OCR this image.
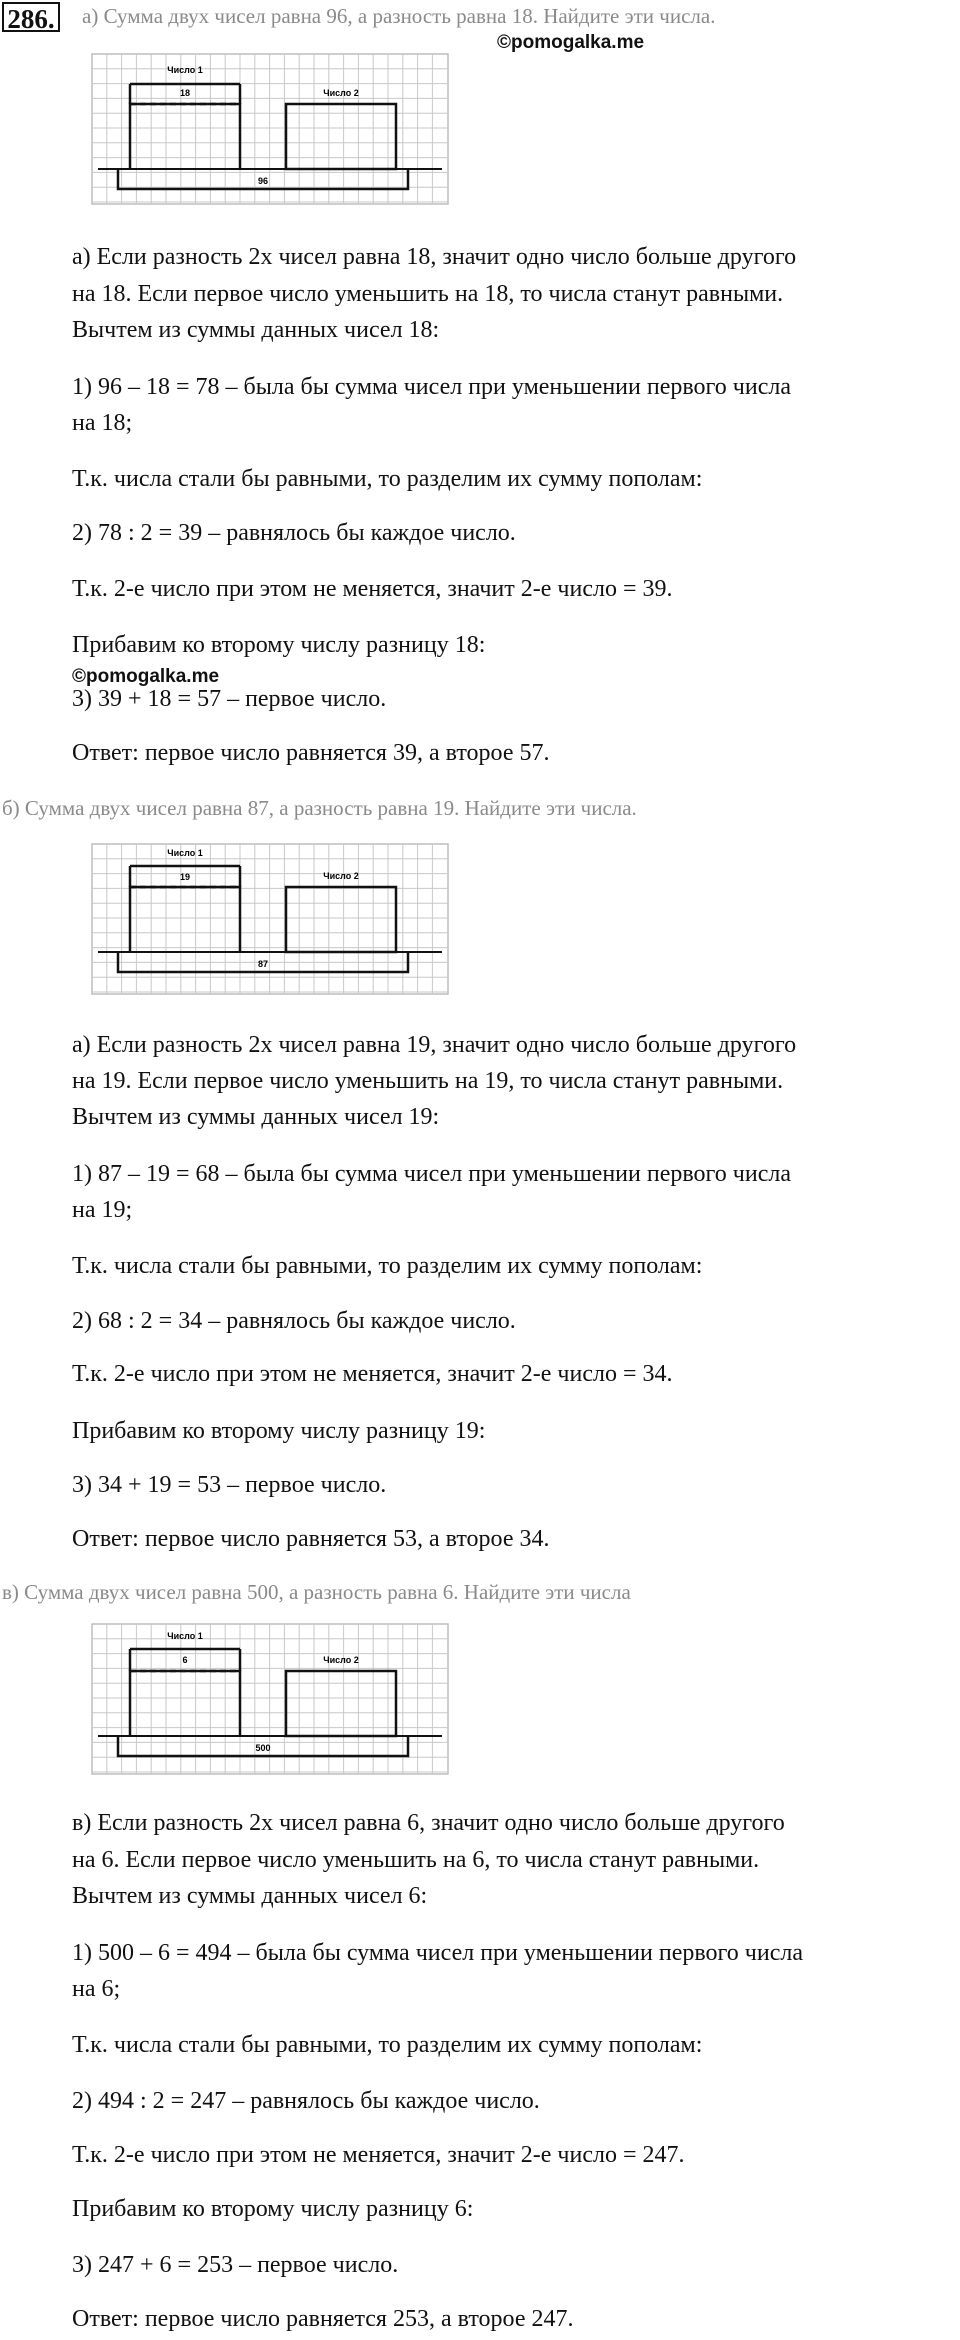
286. а) Сумма двух чисел равна 96, а разность равна 18. Найдите эти числа.
©pomogalka.me
Число 1
18	Число 2
96
а) Если разность 2х чисел равна 18, значит одно число больше другого
на 18. Если первое число уменьшить на 18, то числа станут равными.
Вычтем из суммы данных чисел 18:
1) 96 – 18 = 78 – была бы сумма чисел при уменьшении первого числа
на 18;
Т.к. числа стали бы равными, то разделим их сумму пополам:
2) 78 : 2 = 39 – равнялось бы каждое число.
Т.к. 2-е число при этом не меняется, значит 2-е число = 39.
Прибавим ко второму числу разницу 18:
©pomogalka.me
3) 39 + 18 = 57 – первое число.
Ответ: первое число равняется 39, а второе 57.
б) Сумма двух чисел равна 87, а разность равна 19. Найдите эти числа.
Число 1
19	Число 2
87
а) Если разность 2х чисел равна 19, значит одно число больше другого
на 19. Если первое число уменьшить на 19, то числа станут равными.
Вычтем из суммы данных чисел 19:
1) 87 – 19 = 68 – была бы сумма чисел при уменьшении первого числа
на 19;
Т.к. числа стали бы равными, то разделим их сумму пополам:
2) 68 : 2 = 34 – равнялось бы каждое число.
Т.к. 2-е число при этом не меняется, значит 2-е число = 34.
Прибавим ко второму числу разницу 19:
3) 34 + 19 = 53 – первое число.
Ответ: первое число равняется 53, а второе 34.
в) Сумма двух чисел равна 500, а разность равна 6. Найдите эти числа
Число 1
6	Число 2
500
в) Если разность 2х чисел равна 6, значит одно число больше другого
на 6. Если первое число уменьшить на 6, то числа станут равными.
Вычтем из суммы данных чисел 6:
1) 500 – 6 = 494 – была бы сумма чисел при уменьшении первого числа
на 6;
Т.к. числа стали бы равными, то разделим их сумму пополам:
2) 494 : 2 = 247 – равнялось бы каждое число.
Т.к. 2-е число при этом не меняется, значит 2-е число = 247.
Прибавим ко второму числу разницу 6:
3) 247 + 6 = 253 – первое число.
Ответ: первое число равняется 253, а второе 247.
